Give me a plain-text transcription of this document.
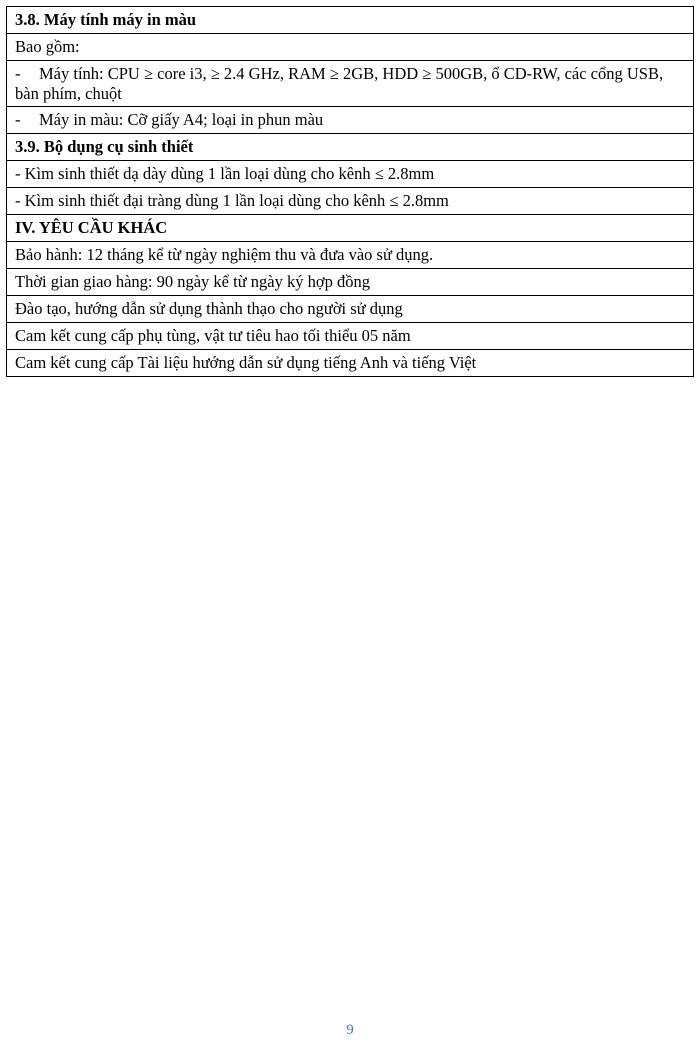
3.8. Máy tính máy in màu
Bao gồm:
- Máy tính: CPU ≥ core i3, ≥ 2.4 GHz, RAM ≥ 2GB, HDD ≥ 500GB, ổ CD-RW, các cổng USB, bàn phím, chuột
- Máy in màu: Cỡ giấy A4; loại in phun màu
3.9. Bộ dụng cụ sinh thiết
- Kìm sinh thiết dạ dày dùng 1 lần loại dùng cho kênh ≤ 2.8mm
- Kìm sinh thiết đại tràng dùng 1 lần loại dùng cho kênh ≤ 2.8mm
IV. YÊU CẦU KHÁC
Bảo hành: 12 tháng kể từ ngày nghiệm thu và đưa vào sử dụng.
Thời gian giao hàng: 90 ngày kể từ ngày ký hợp đồng
Đào tạo, hướng dẫn sử dụng thành thạo cho người sử dụng
Cam kết cung cấp phụ tùng, vật tư tiêu hao tối thiểu 05 năm
Cam kết cung cấp Tài liệu hướng dẫn sử dụng tiếng Anh và tiếng Việt
9
